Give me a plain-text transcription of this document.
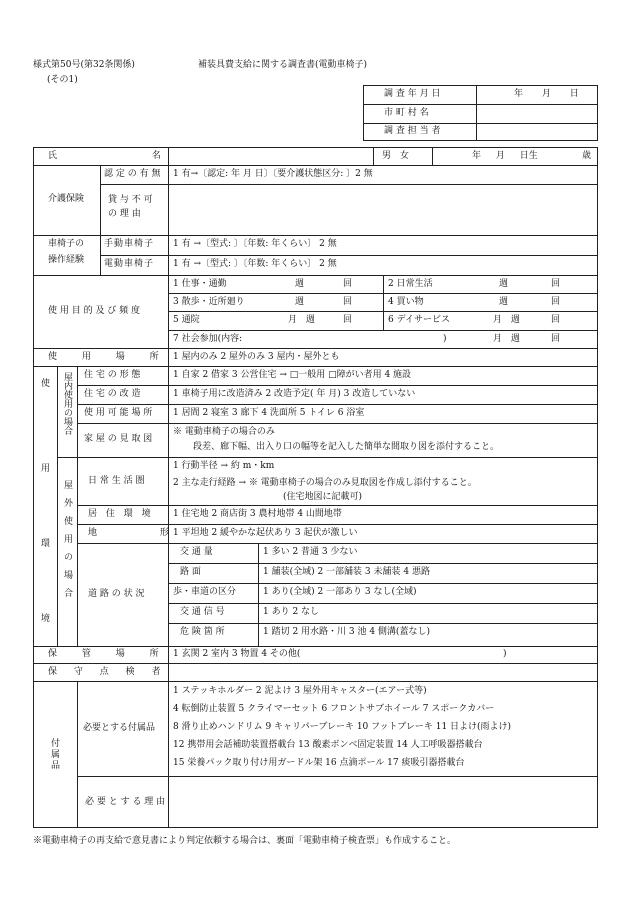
様式第50号(第32条関係)
(その1)
補装具費支給に関する調査書(電動車椅子)
調 査 年 月 日	年 月 日
市 町 村 名
調 査 担 当 者
氏 名	男 女	年 月 日生	歳
介護保険
認 定 の 有 無 1 有→〔認定: 年 月 日〕〔要介護状態区分: 〕2 無
貸 与 不 可
の 理 由
車椅子の
操作経験
手動車椅子 1 有 →〔型式: 〕〔年数: 年くらい〕 2 無
電動車椅子 1 有 →〔型式: 〕〔年数: 年くらい〕 2 無
使 用 目 的 及 び 頻 度
1 仕事・通勤	週	回	2 日常生活	週	回
3 散歩・近所廻り	週	回	4 買い物	週	回
5 通院	月 週	回	6 デイサービス	月 週	回
7 社会参加(内容:	)	月 週	回
使 用 場 所 1 屋内のみ 2 屋外のみ 3 屋内・屋外とも
使
用
環
境
屋内使用の場合
屋外使用の場合
住 宅 の 形 態	1 自家 2 借家 3 公営住宅 → □一般用 □障がい者用 4 施設
住 宅 の 改 造	1 車椅子用に改造済み 2 改造予定( 年 月) 3 改造していない
使 用 可 能 場 所 1 居間 2 寝室 3 廊下 4 洗面所 5 トイレ 6 浴室
家 屋 の 見 取 図
※ 電動車椅子の場合のみ
段差、廊下幅、出入り口の幅等を記入した簡単な間取り図を添付すること。
日 常 生 活 圏
1 行動半径 → 約 m・km
2 主な走行経路 → ※ 電動車椅子の場合のみ見取図を作成し添付すること。
(住宅地図に記載可)
居 住 環 境 1 住宅地 2 商店街 3 農村地帯 4 山間地帯
地 形 1 平坦地 2 緩やかな起伏あり 3 起伏が激しい
道 路 の 状 況
交 通 量	1 多い 2 普通 3 少ない
路 面	1 舗装(全域) 2 一部舗装 3 未舗装 4 悪路
歩・車道の区分	1 あり(全域) 2 一部あり 3 なし(全域)
交 通 信 号	1 あり 2 なし
危 険 箇 所	1 踏切 2 用水路・川 3 池 4 側溝(蓋なし)
保 管 場 所 1 玄関 2 室内 3 物置 4 その他(	)
保 守 点 検 者
付
属
品
必要とする付属品
1 ステッキホルダー 2 泥よけ 3 屋外用キャスター(エアー式等)
4 転倒防止装置 5 クライマーセット 6 フロントサブホイール 7 スポークカバー
8 滑り止めハンドリム 9 キャリパーブレーキ 10 フットブレーキ 11 日よけ(雨よけ)
12 携帯用会話補助装置搭載台 13 酸素ボンベ固定装置 14 人工呼吸器搭載台
15 栄養パック取り付け用ガードル架 16 点滴ポール 17 痰吸引器搭載台
必 要 と す る 理 由
※電動車椅子の再支給で意見書により判定依頼する場合は、裏面「電動車椅子検査票」も作成すること。
